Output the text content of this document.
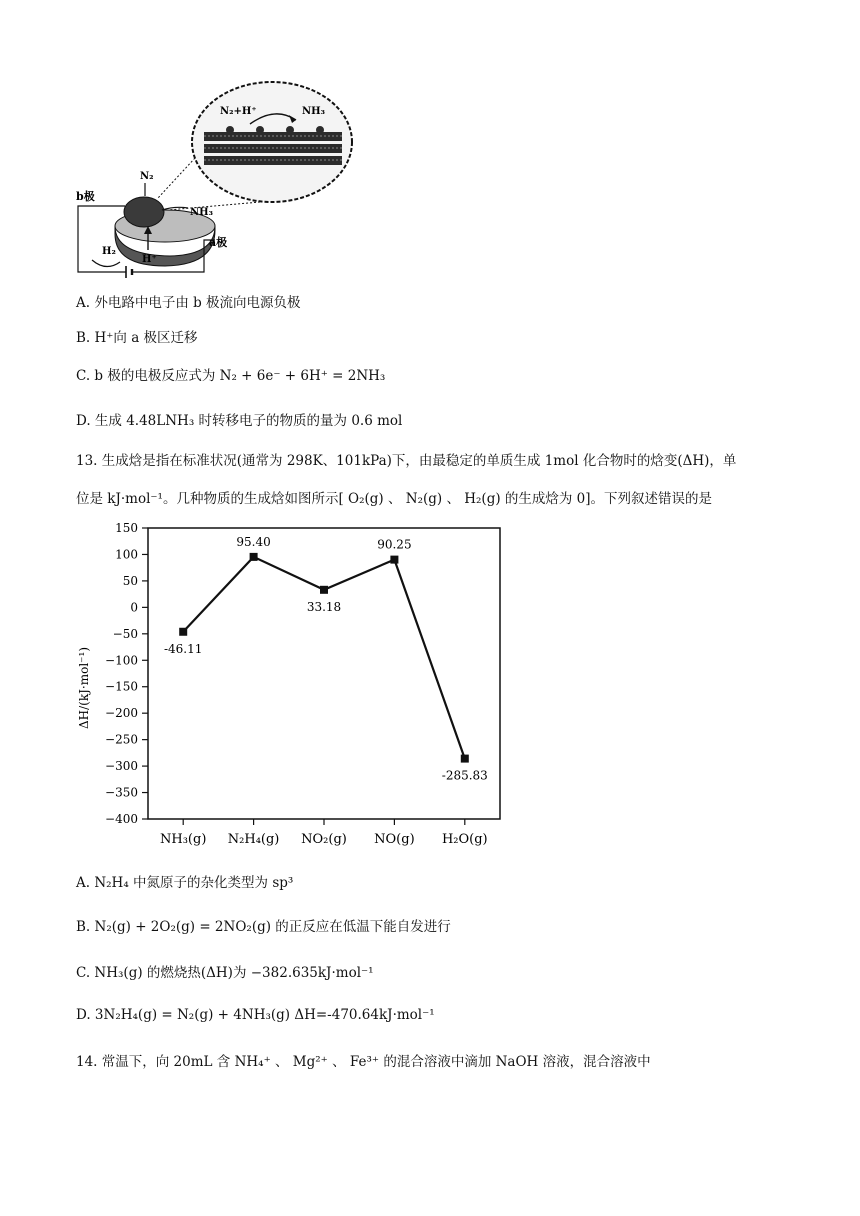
N₂+H⁺	NH₃
N₂
NH₃
H₂
H⁺
b极
a极
A. 外电路中电子由 b 极流向电源负极
B. H⁺向 a 极区迁移
C. b 极的电极反应式为 N₂ + 6e⁻ + 6H⁺ = 2NH₃
D. 生成 4.48LNH₃ 时转移电子的物质的量为 0.6 mol
13. 生成焓是指在标准状况(通常为 298K、101kPa)下，由最稳定的单质生成 1mol 化合物时的焓变(ΔH)，单
位是 kJ·mol⁻¹。几种物质的生成焓如图所示[ O₂(g) 、 N₂(g) 、 H₂(g) 的生成焓为 0]。下列叙述错误的是
ΔH/(kJ·mol⁻¹)
150
100
50
0
−50
−100
−150
−200
−250
−300
−350
−400
NH₃(g) N₂H₄(g) NO₂(g) NO(g) H₂O(g)
-46.11
95.40
33.18
90.25
-285.83
A. N₂H₄ 中氮原子的杂化类型为 sp³
B. N₂(g) + 2O₂(g) = 2NO₂(g) 的正反应在低温下能自发进行
C. NH₃(g) 的燃烧热(ΔH)为 −382.635kJ·mol⁻¹
D. 3N₂H₄(g) = N₂(g) + 4NH₃(g) ΔH=-470.64kJ·mol⁻¹
14. 常温下，向 20mL 含 NH₄⁺ 、 Mg²⁺ 、 Fe³⁺ 的混合溶液中滴加 NaOH 溶液，混合溶液中
